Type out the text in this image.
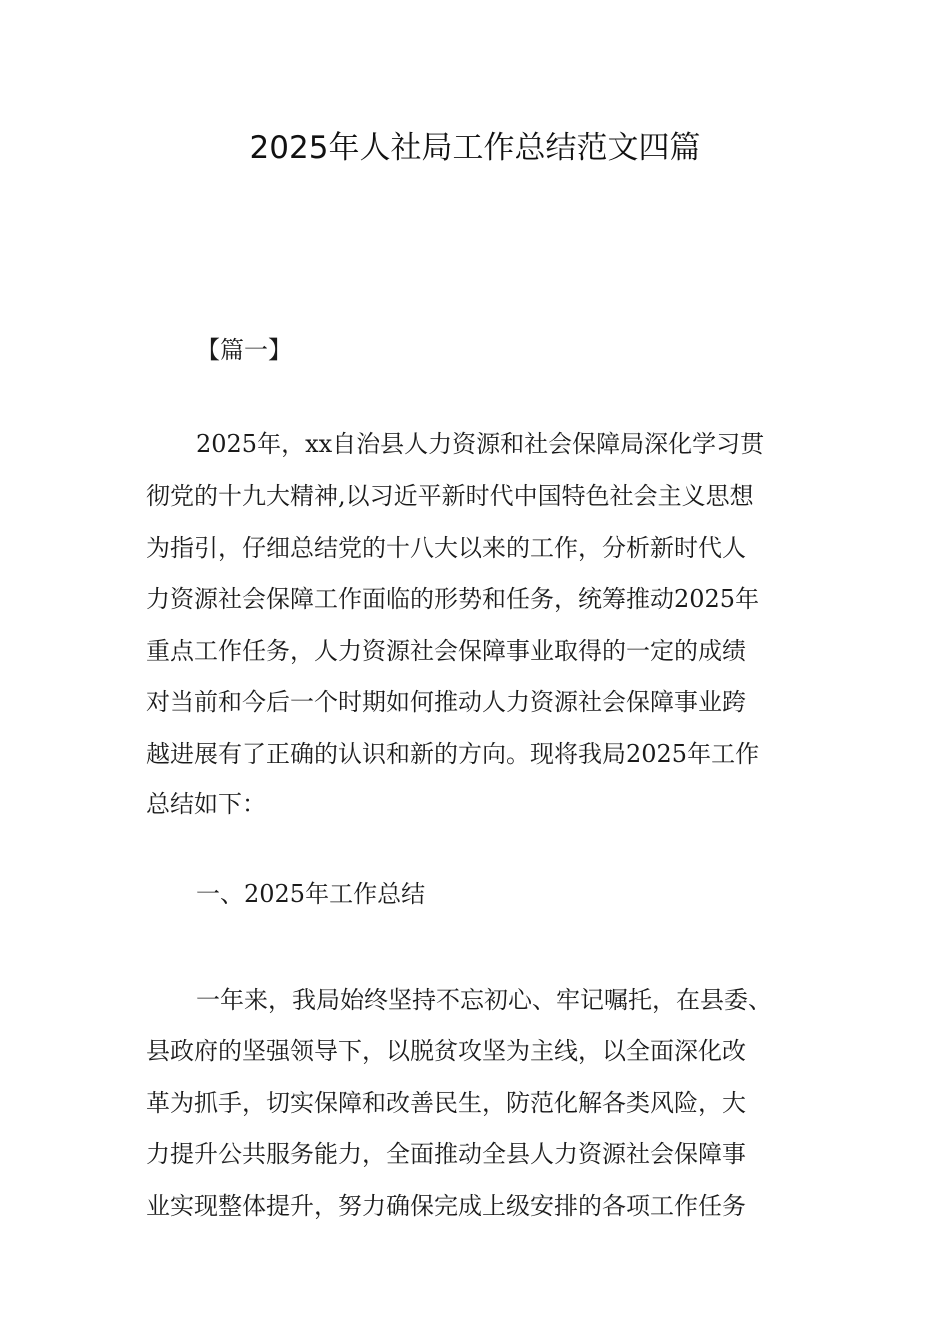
2025年人社局工作总结范文四篇
【篇一】
2025年，xx自治县人力资源和社会保障局深化学习贯
彻党的十九大精神,以习近平新时代中国特色社会主义思想
为指引，仔细总结党的十八大以来的工作，分析新时代人
力资源社会保障工作面临的形势和任务，统筹推动2025年
重点工作任务，人力资源社会保障事业取得的一定的成绩
对当前和今后一个时期如何推动人力资源社会保障事业跨
越进展有了正确的认识和新的方向。现将我局2025年工作
总结如下：
一、2025年工作总结
一年来，我局始终坚持不忘初心、牢记嘱托，在县委、
县政府的坚强领导下，以脱贫攻坚为主线，以全面深化改
革为抓手，切实保障和改善民生，防范化解各类风险，大
力提升公共服务能力，全面推动全县人力资源社会保障事
业实现整体提升，努力确保完成上级安排的各项工作任务
